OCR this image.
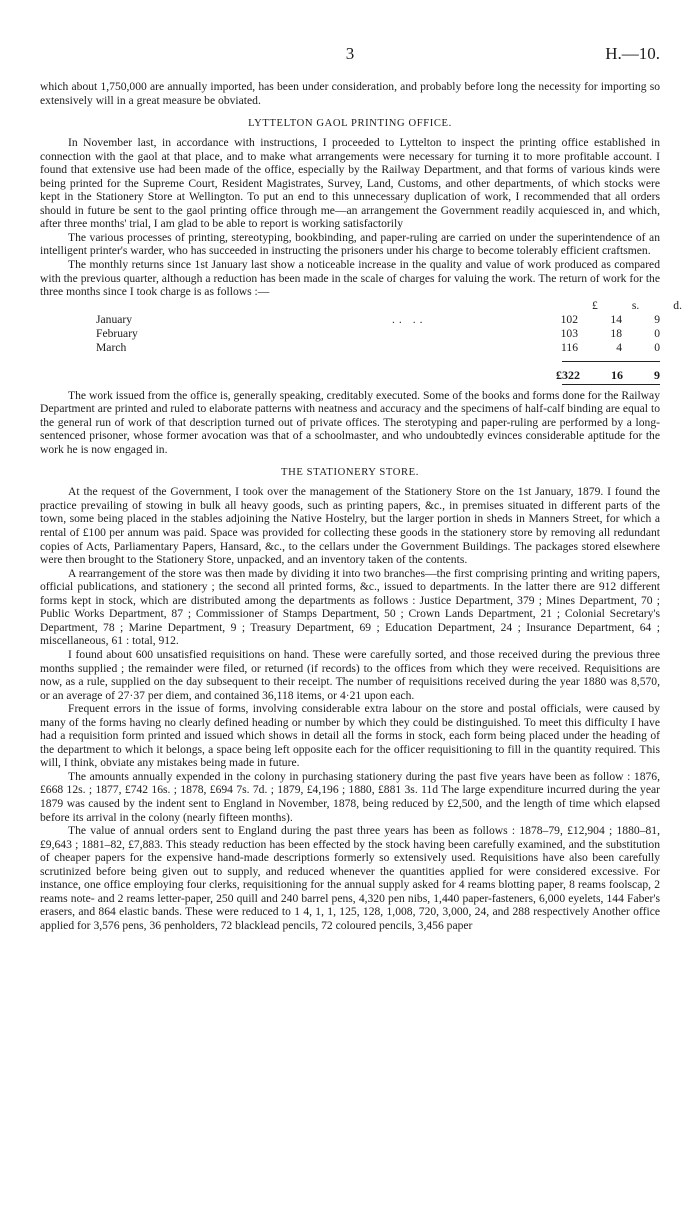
3	H.—10.

which about 1,750,000 are annually imported, has been under consideration, and probably before long the necessity for importing so extensively will in a great measure be obviated.

LYTTELTON GAOL PRINTING OFFICE.

In November last, in accordance with instructions, I proceeded to Lyttelton to inspect the printing office established in connection with the gaol at that place, and to make what arrangements were necessary for turning it to more profitable account. I found that extensive use had been made of the office, especially by the Railway Department, and that forms of various kinds were being printed for the Supreme Court, Resident Magistrates, Survey, Land, Customs, and other departments, of which stocks were kept in the Stationery Store at Wellington. To put an end to this unnecessary duplication of work, I recommended that all orders should in future be sent to the gaol printing office through me—an arrangement the Government readily acquiesced in, and which, after three months' trial, I am glad to be able to report is working satisfactorily

The various processes of printing, stereotyping, bookbinding, and paper-ruling are carried on under the superintendence of an intelligent printer's warder, who has succeeded in instructing the prisoners under his charge to become tolerably efficient craftsmen.

The monthly returns since 1st January last show a noticeable increase in the quality and value of work produced as compared with the previous quarter, although a reduction has been made in the scale of charges for valuing the work. The return of work for the three months since I took charge is as follows :—

£	s.	d.
January	.. ..	102	14	9
February	103	18	0
March	116	4	0
£322	16	9

The work issued from the office is, generally speaking, creditably executed. Some of the books and forms done for the Railway Department are printed and ruled to elaborate patterns with neatness and accuracy and the specimens of half-calf binding are equal to the general run of work of that description turned out of private offices. The sterotyping and paper-ruling are performed by a long-sentenced prisoner, whose former avocation was that of a schoolmaster, and who undoubtedly evinces considerable aptitude for the work he is now engaged in.

THE STATIONERY STORE.

At the request of the Government, I took over the management of the Stationery Store on the 1st January, 1879. I found the practice prevailing of stowing in bulk all heavy goods, such as printing papers, &c., in premises situated in different parts of the town, some being placed in the stables adjoining the Native Hostelry, but the larger portion in sheds in Manners Street, for which a rental of £100 per annum was paid. Space was provided for collecting these goods in the stationery store by removing all redundant copies of Acts, Parliamentary Papers, Hansard, &c., to the cellars under the Government Buildings. The packages stored elsewhere were then brought to the Stationery Store, unpacked, and an inventory taken of the contents.

A rearrangement of the store was then made by dividing it into two branches—the first comprising printing and writing papers, official publications, and stationery ; the second all printed forms, &c., issued to departments. In the latter there are 912 different forms kept in stock, which are distributed among the departments as follows : Justice Department, 379 ; Mines Department, 70 ; Public Works Department, 87 ; Commissioner of Stamps Department, 50 ; Crown Lands Department, 21 ; Colonial Secretary's Department, 78 ; Marine Department, 9 ; Treasury Department, 69 ; Education Department, 24 ; Insurance Department, 64 ; miscellaneous, 61 : total, 912.

I found about 600 unsatisfied requisitions on hand. These were carefully sorted, and those received during the previous three months supplied ; the remainder were filed, or returned (if records) to the offices from which they were received. Requisitions are now, as a rule, supplied on the day subsequent to their receipt. The number of requisitions received during the year 1880 was 8,570, or an average of 27·37 per diem, and contained 36,118 items, or 4·21 upon each.

Frequent errors in the issue of forms, involving considerable extra labour on the store and postal officials, were caused by many of the forms having no clearly defined heading or number by which they could be distinguished. To meet this difficulty I have had a requisition form printed and issued which shows in detail all the forms in stock, each form being placed under the heading of the department to which it belongs, a space being left opposite each for the officer requisitioning to fill in the quantity required. This will, I think, obviate any mistakes being made in future.

The amounts annually expended in the colony in purchasing stationery during the past five years have been as follow : 1876, £668 12s. ; 1877, £742 16s. ; 1878, £694 7s. 7d. ; 1879, £4,196 ; 1880, £881 3s. 11d The large expenditure incurred during the year 1879 was caused by the indent sent to England in November, 1878, being reduced by £2,500, and the length of time which elapsed before its arrival in the colony (nearly fifteen months).

The value of annual orders sent to England during the past three years has been as follows : 1878–79, £12,904 ; 1880–81, £9,643 ; 1881–82, £7,883. This steady reduction has been effected by the stock having been carefully examined, and the substitution of cheaper papers for the expensive hand-made descriptions formerly so extensively used. Requisitions have also been carefully scrutinized before being given out to supply, and reduced whenever the quantities applied for were considered excessive. For instance, one office employing four clerks, requisitioning for the annual supply asked for 4 reams blotting paper, 8 reams foolscap, 2 reams note- and 2 reams letter-paper, 250 quill and 240 barrel pens, 4,320 pen nibs, 1,440 paper-fasteners, 6,000 eyelets, 144 Faber's erasers, and 864 elastic bands. These were reduced to 1 4, 1, 1, 125, 128, 1,008, 720, 3,000, 24, and 288 respectively Another office applied for 3,576 pens, 36 penholders, 72 blacklead pencils, 72 coloured pencils, 3,456 paper
